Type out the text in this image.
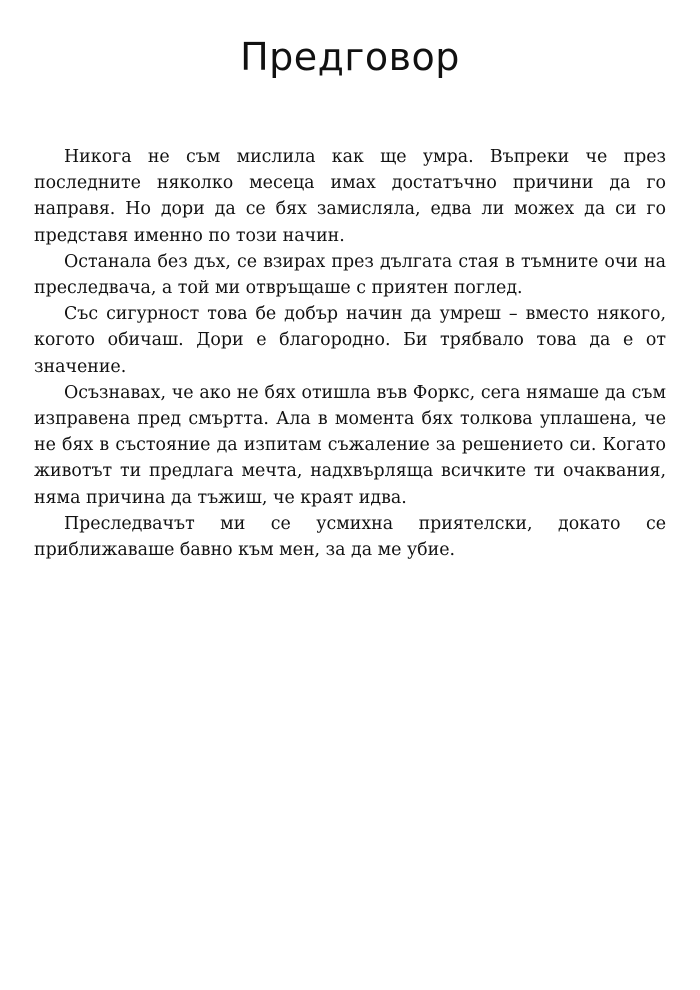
Предговор

Никога не съм мислила как ще умра. Въпреки че през последните няколко месеца имах достатъчно причини да го направя. Но дори да се бях замисляла, едва ли можех да си го представя именно по този начин.

Останала без дъх, се взирах през дългата стая в тъмните очи на преследвача, а той ми отвръщаше с приятен поглед.

Със сигурност това бе добър начин да умреш – вместо някого, когото обичаш. Дори е благородно. Би трябвало това да е от значение.

Осъзнавах, че ако не бях отишла във Форкс, сега нямаше да съм изправена пред смъртта. Ала в момента бях толкова уплашена, че не бях в състояние да изпитам съжаление за решението си. Когато животът ти предлага мечта, надхвърляща всичките ти очаквания, няма причина да тъжиш, че краят идва.

Преследвачът ми се усмихна приятелски, докато се приближаваше бавно към мен, за да ме убие.
